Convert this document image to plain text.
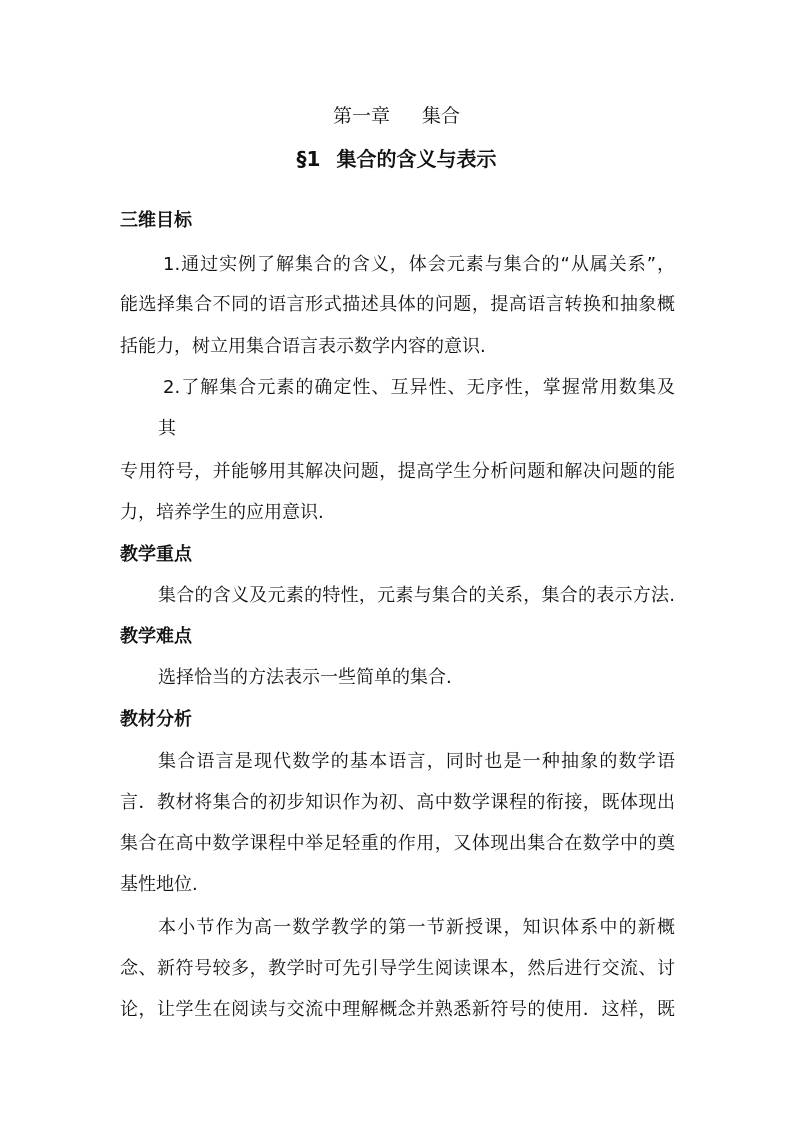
第一章 集合
§1 集合的含义与表示
三维目标
1.通过实例了解集合的含义，体会元素与集合的“从属关系”，
能选择集合不同的语言形式描述具体的问题，提高语言转换和抽象概
括能力，树立用集合语言表示数学内容的意识.
2.了解集合元素的确定性、互异性、无序性，掌握常用数集及
其
专用符号，并能够用其解决问题，提高学生分析问题和解决问题的能
力，培养学生的应用意识.
教学重点
集合的含义及元素的特性，元素与集合的关系，集合的表示方法.
教学难点
选择恰当的方法表示一些简单的集合.
教材分析
集合语言是现代数学的基本语言，同时也是一种抽象的数学语
言．教材将集合的初步知识作为初、高中数学课程的衔接，既体现出
集合在高中数学课程中举足轻重的作用，又体现出集合在数学中的奠
基性地位.
本小节作为高一数学教学的第一节新授课，知识体系中的新概
念、新符号较多，教学时可先引导学生阅读课本，然后进行交流、讨
论，让学生在阅读与交流中理解概念并熟悉新符号的使用．这样，既
